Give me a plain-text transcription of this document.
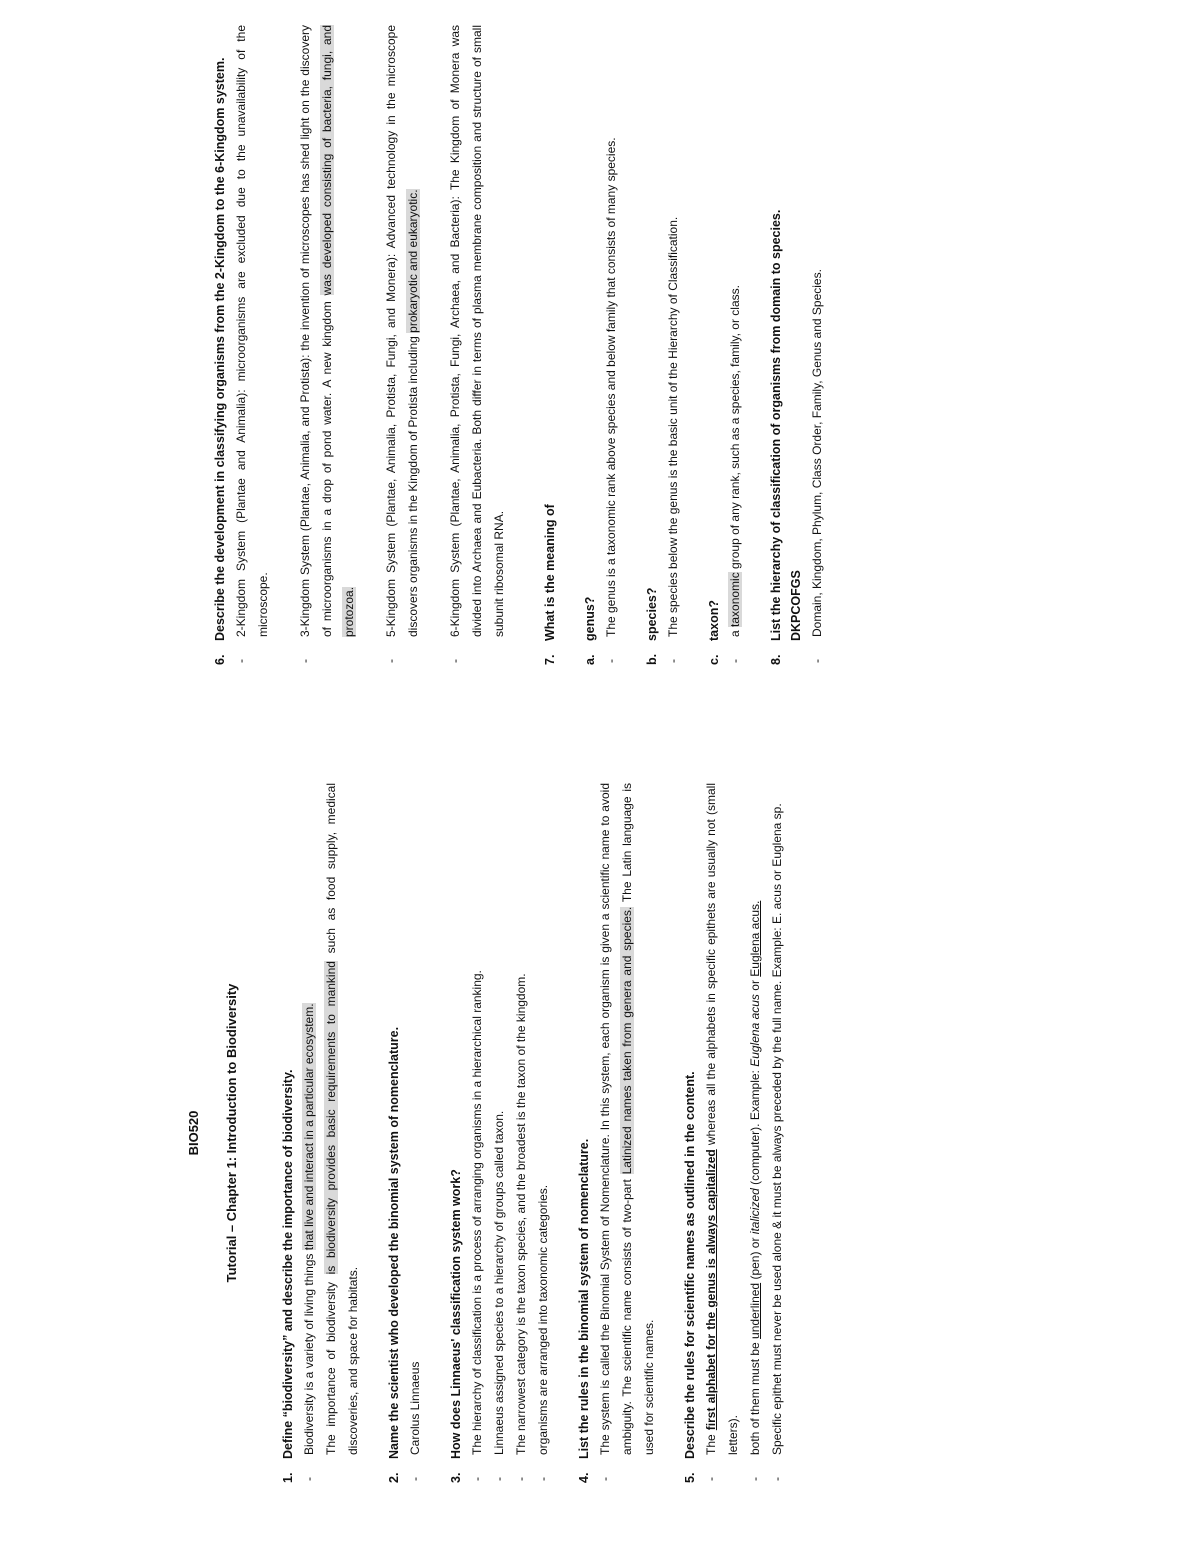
BIO520 Tutorial – Chapter 1: Introduction to Biodiversity
1.
Define “biodiversity” and describe the importance of biodiversity.
-
Biodiversity is a variety of living things that live and interact in a particular ecosystem.
The importance of biodiversity is biodiversity provides basic requirements to mankind such as food supply, medical discoveries, and space for habitats.
2.
Name the scientist who developed the binomial system of nomenclature.
-
Carolus Linnaeus
3.
How does Linnaeus' classification system work?
-
The hierarchy of classification is a process of arranging organisms in a hierarchical ranking.
-
Linnaeus assigned species to a hierarchy of groups called taxon.
-
The narrowest category is the taxon species, and the broadest is the taxon of the kingdom.
-
organisms are arranged into taxonomic categories.
4.
List the rules in the binomial system of nomenclature.
-
The system is called the Binomial System of Nomenclature. In this system, each organism is given a scientific name to avoid ambiguity. The scientific name consists of two-part Latinized names taken from genera and species. The Latin language is used for scientific names.
5.
Describe the rules for scientific names as outlined in the content.
-
The first alphabet for the genus is always capitalized whereas all the alphabets in specific epithets are usually not (small letters).
-
both of them must be underlined (pen) or italicized (computer). Example: Euglena acus or Euglena acus.
-
Specific epithet must never be used alone & it must be always preceded by the full name. Example: E. acus or Euglena sp.
6.
Describe the development in classifying organisms from the 2-Kingdom to the 6-Kingdom system.
-
2-Kingdom System (Plantae and Animalia): microorganisms are excluded due to the unavailability of the microscope.
-
3-Kingdom System (Plantae, Animalia, and Protista): the invention of microscopes has shed light on the discovery of microorganisms in a drop of pond water. A new kingdom was developed consisting of bacteria, fungi, and protozoa.
-
5-Kingdom System (Plantae, Animalia, Protista, Fungi, and Monera): Advanced technology in the microscope discovers organisms in the Kingdom of Protista including prokaryotic and eukaryotic.
-
6-Kingdom System (Plantae, Animalia, Protista, Fungi, Archaea, and Bacteria): The Kingdom of Monera was divided into Archaea and Eubacteria. Both differ in terms of plasma membrane composition and structure of small subunit ribosomal RNA.
7.
What is the meaning of
a.
genus?
-
The genus is a taxonomic rank above species and below family that consists of many species.
b.
species?
-
The species below the genus is the basic unit of the Hierarchy of Classification.
c.
taxon?
-
a taxonomic group of any rank, such as a species, family, or class.
8.
List the hierarchy of classification of organisms from domain to species. DKPCOFGS
-
Domain, Kingdom, Phylum, Class Order, Family, Genus and Species.
